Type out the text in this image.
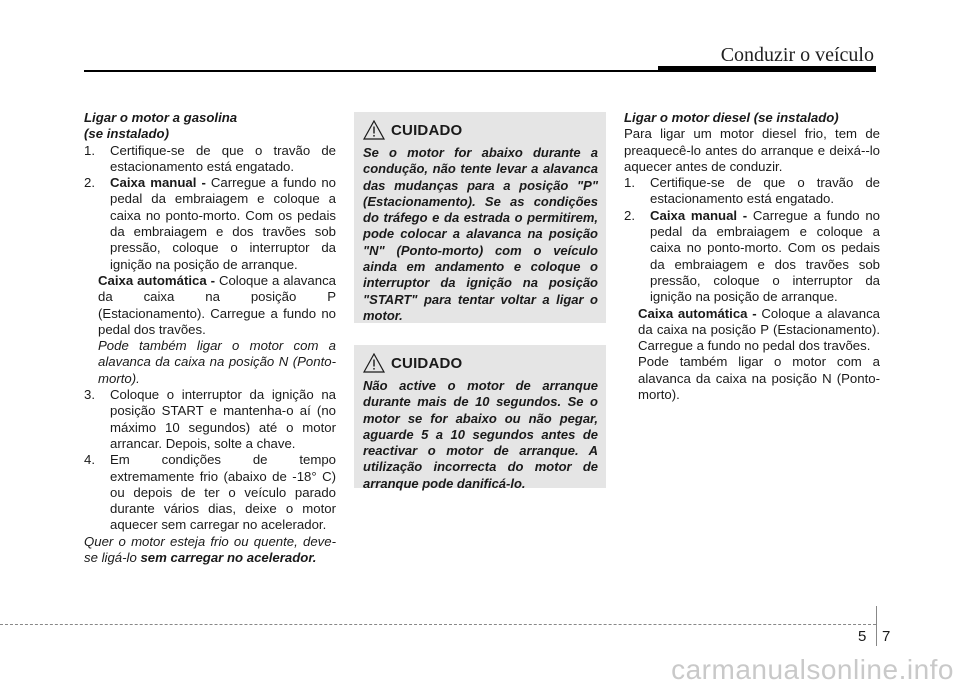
Conduzir o veículo
Ligar o motor a gasolina
(se instalado)
1.	Certifique-se de que o travão de estacionamento está engatado.
2.	Caixa manual - Carregue a fundo no pedal da embraiagem e coloque a caixa no ponto-morto. Com os pedais da embraiagem e dos travões sob pressão, coloque o interruptor da ignição na posição de arranque.
Caixa automática - Coloque a alavanca da caixa na posição P (Estacionamento). Carregue a fundo no pedal dos travões.
Pode também ligar o motor com a alavanca da caixa na posição N (Ponto-morto).
3.	Coloque o interruptor da ignição na posição START e mantenha-o aí (no máximo 10 segundos) até o motor arrancar. Depois, solte a chave.
4.	Em condições de tempo extremamente frio (abaixo de -18° C) ou depois de ter o veículo parado durante vários dias, deixe o motor aquecer sem carregar no acelerador.
Quer o motor esteja frio ou quente, deve-se ligá-lo sem carregar no acelerador.
CUIDADO
Se o motor for abaixo durante a condução, não tente levar a alavanca das mudanças para a posição "P" (Estacionamento). Se as condições do tráfego e da estrada o permitirem, pode colocar a alavanca na posição "N" (Ponto-morto) com o veículo ainda em andamento e coloque o interruptor da ignição na posição "START" para tentar voltar a ligar o motor.
CUIDADO
Não active o motor de arranque durante mais de 10 segundos. Se o motor se for abaixo ou não pegar, aguarde 5 a 10 segundos antes de reactivar o motor de arranque. A utilização incorrecta do motor de arranque pode danificá-lo.
Ligar o motor diesel (se instalado)
Para ligar um motor diesel frio, tem de preaquecê-lo antes do arranque e deixá--lo aquecer antes de conduzir.
1.	Certifique-se de que o travão de estacionamento está engatado.
2.	Caixa manual - Carregue a fundo no pedal da embraiagem e coloque a caixa no ponto-morto. Com os pedais da embraiagem e dos travões sob pressão, coloque o interruptor da ignição na posição de arranque.
Caixa automática - Coloque a alavanca da caixa na posição P (Estacionamento). Carregue a fundo no pedal dos travões.
Pode também ligar o motor com a alavanca da caixa na posição N (Ponto-morto).
5 7
carmanualsonline.info
